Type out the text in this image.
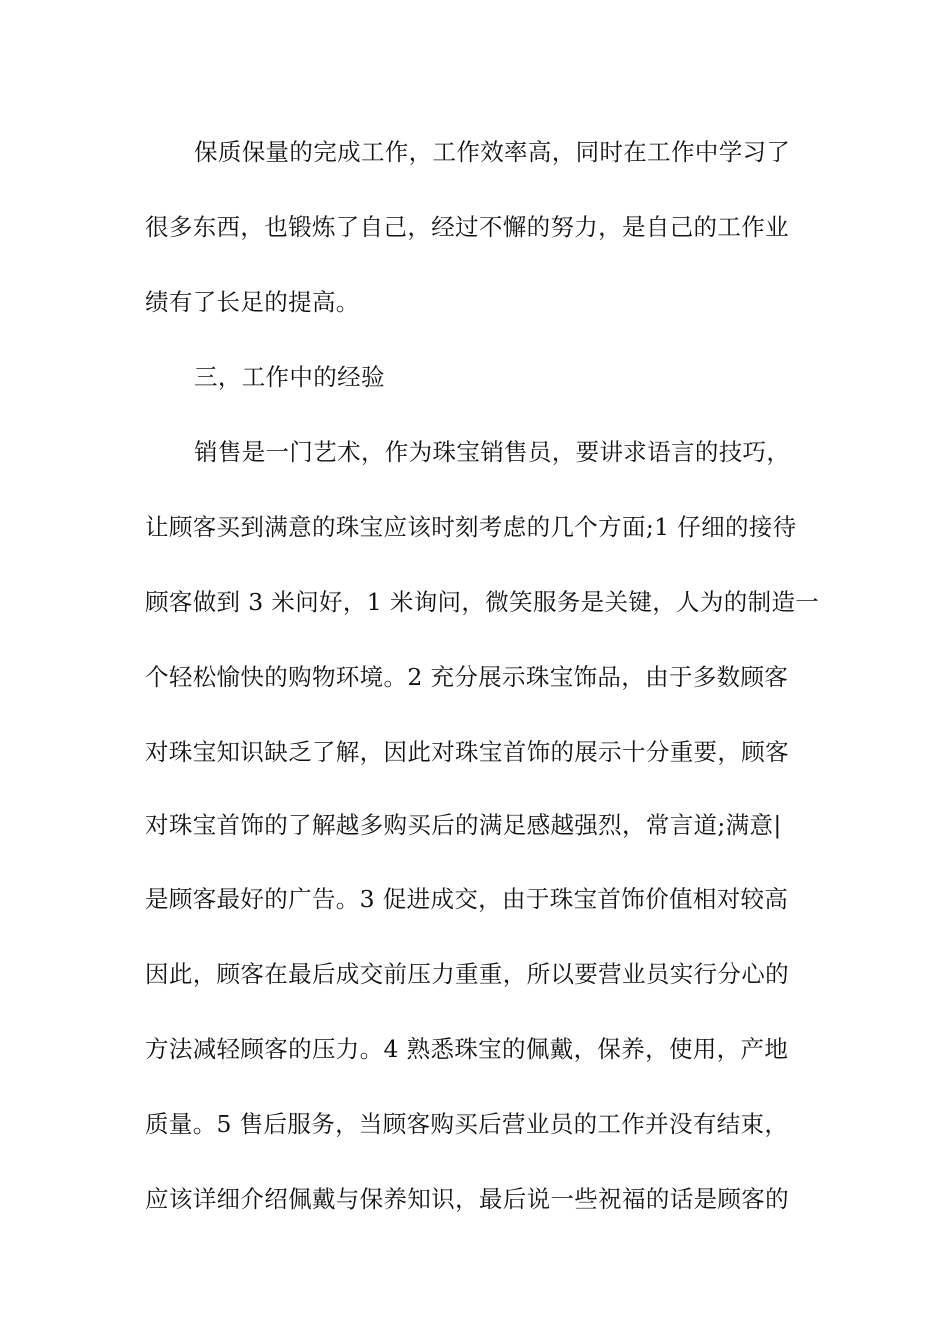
保质保量的完成工作，工作效率高，同时在工作中学习了

很多东西，也锻炼了自己，经过不懈的努力，是自己的工作业

绩有了长足的提高。

三，工作中的经验

销售是一门艺术，作为珠宝销售员，要讲求语言的技巧，

让顾客买到满意的珠宝应该时刻考虑的几个方面;1 仔细的接待

顾客做到 3 米问好，1 米询问，微笑服务是关键，人为的制造一

个轻松愉快的购物环境。2 充分展示珠宝饰品，由于多数顾客

对珠宝知识缺乏了解，因此对珠宝首饰的展示十分重要，顾客

对珠宝首饰的了解越多购买后的满足感越强烈，常言道;满意|

是顾客最好的广告。3 促进成交，由于珠宝首饰价值相对较高

因此，顾客在最后成交前压力重重，所以要营业员实行分心的

方法减轻顾客的压力。4 熟悉珠宝的佩戴，保养，使用，产地

质量。5 售后服务，当顾客购买后营业员的工作并没有结束，

应该详细介绍佩戴与保养知识，最后说一些祝福的话是顾客的
